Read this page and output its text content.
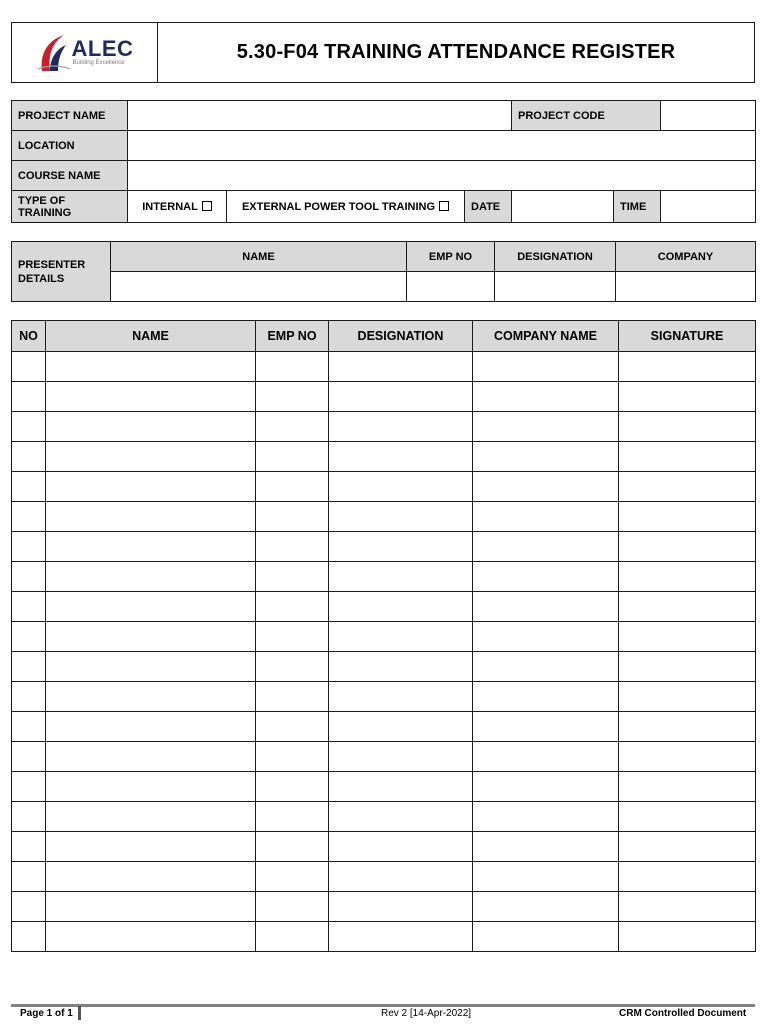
ALEC
Building Excellence	5.30-F04 TRAINING ATTENDANCE REGISTER
PROJECT NAME				PROJECT CODE		
LOCATION						
COURSE NAME						
TYPE OF TRAINING	INTERNAL	EXTERNAL POWER TOOL TRAINING	DATE		TIME	
PRESENTER DETAILS	NAME	EMP NO	DESIGNATION	COMPANY

NO	NAME	EMP NO	DESIGNATION	COMPANY NAME	SIGNATURE

Page 1 of 1	Rev 2 [14-Apr-2022]	CRM Controlled Document
